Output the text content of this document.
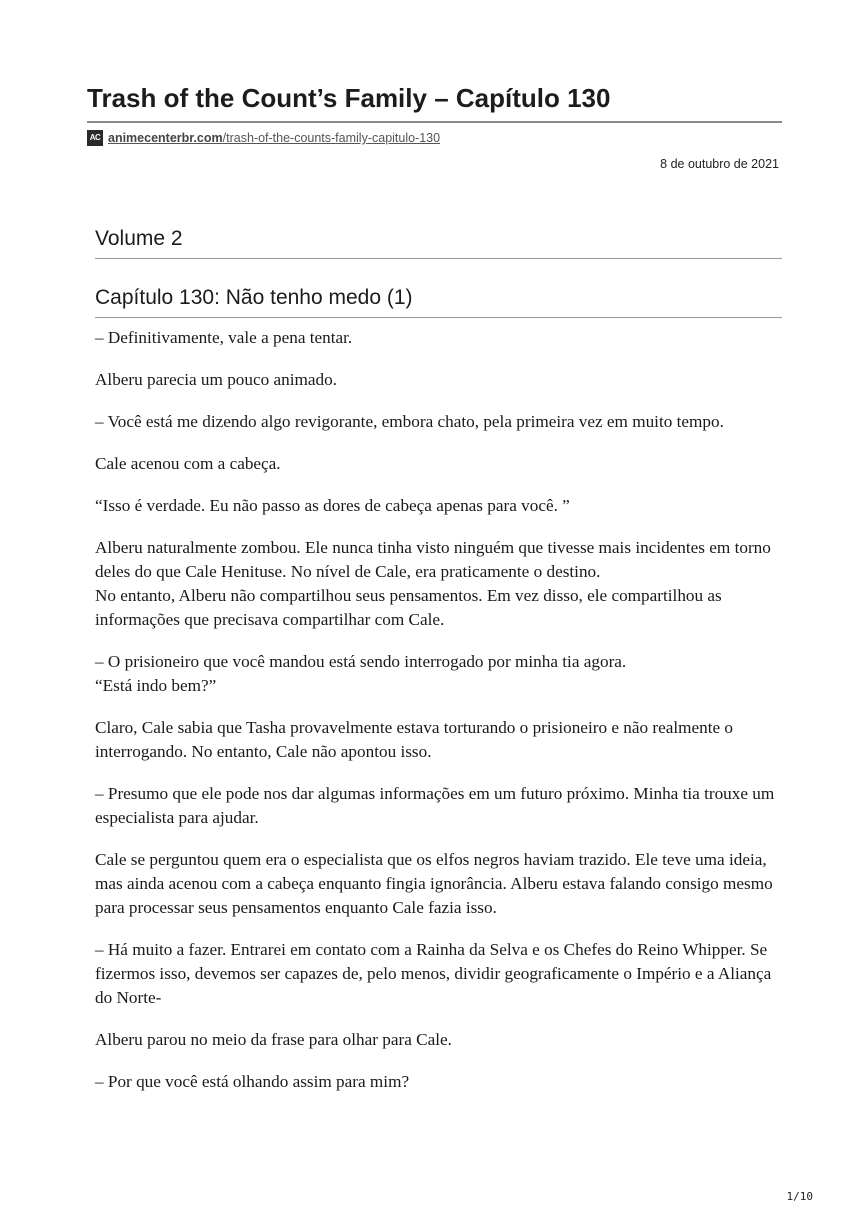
Trash of the Count’s Family – Capítulo 130
AC animecenterbr.com/trash-of-the-counts-family-capitulo-130
8 de outubro de 2021
Volume 2
Capítulo 130: Não tenho medo (1)

– Definitivamente, vale a pena tentar.

Alberu parecia um pouco animado.

– Você está me dizendo algo revigorante, embora chato, pela primeira vez em muito tempo.

Cale acenou com a cabeça.

“Isso é verdade. Eu não passo as dores de cabeça apenas para você. ”

Alberu naturalmente zombou. Ele nunca tinha visto ninguém que tivesse mais incidentes em torno deles do que Cale Henituse. No nível de Cale, era praticamente o destino.
No entanto, Alberu não compartilhou seus pensamentos. Em vez disso, ele compartilhou as informações que precisava compartilhar com Cale.

– O prisioneiro que você mandou está sendo interrogado por minha tia agora.
“Está indo bem?”

Claro, Cale sabia que Tasha provavelmente estava torturando o prisioneiro e não realmente o interrogando. No entanto, Cale não apontou isso.

– Presumo que ele pode nos dar algumas informações em um futuro próximo. Minha tia trouxe um especialista para ajudar.

Cale se perguntou quem era o especialista que os elfos negros haviam trazido. Ele teve uma ideia, mas ainda acenou com a cabeça enquanto fingia ignorância. Alberu estava falando consigo mesmo para processar seus pensamentos enquanto Cale fazia isso.

– Há muito a fazer. Entrarei em contato com a Rainha da Selva e os Chefes do Reino Whipper. Se fizermos isso, devemos ser capazes de, pelo menos, dividir geograficamente o Império e a Aliança do Norte-

Alberu parou no meio da frase para olhar para Cale.

– Por que você está olhando assim para mim?

1/10
